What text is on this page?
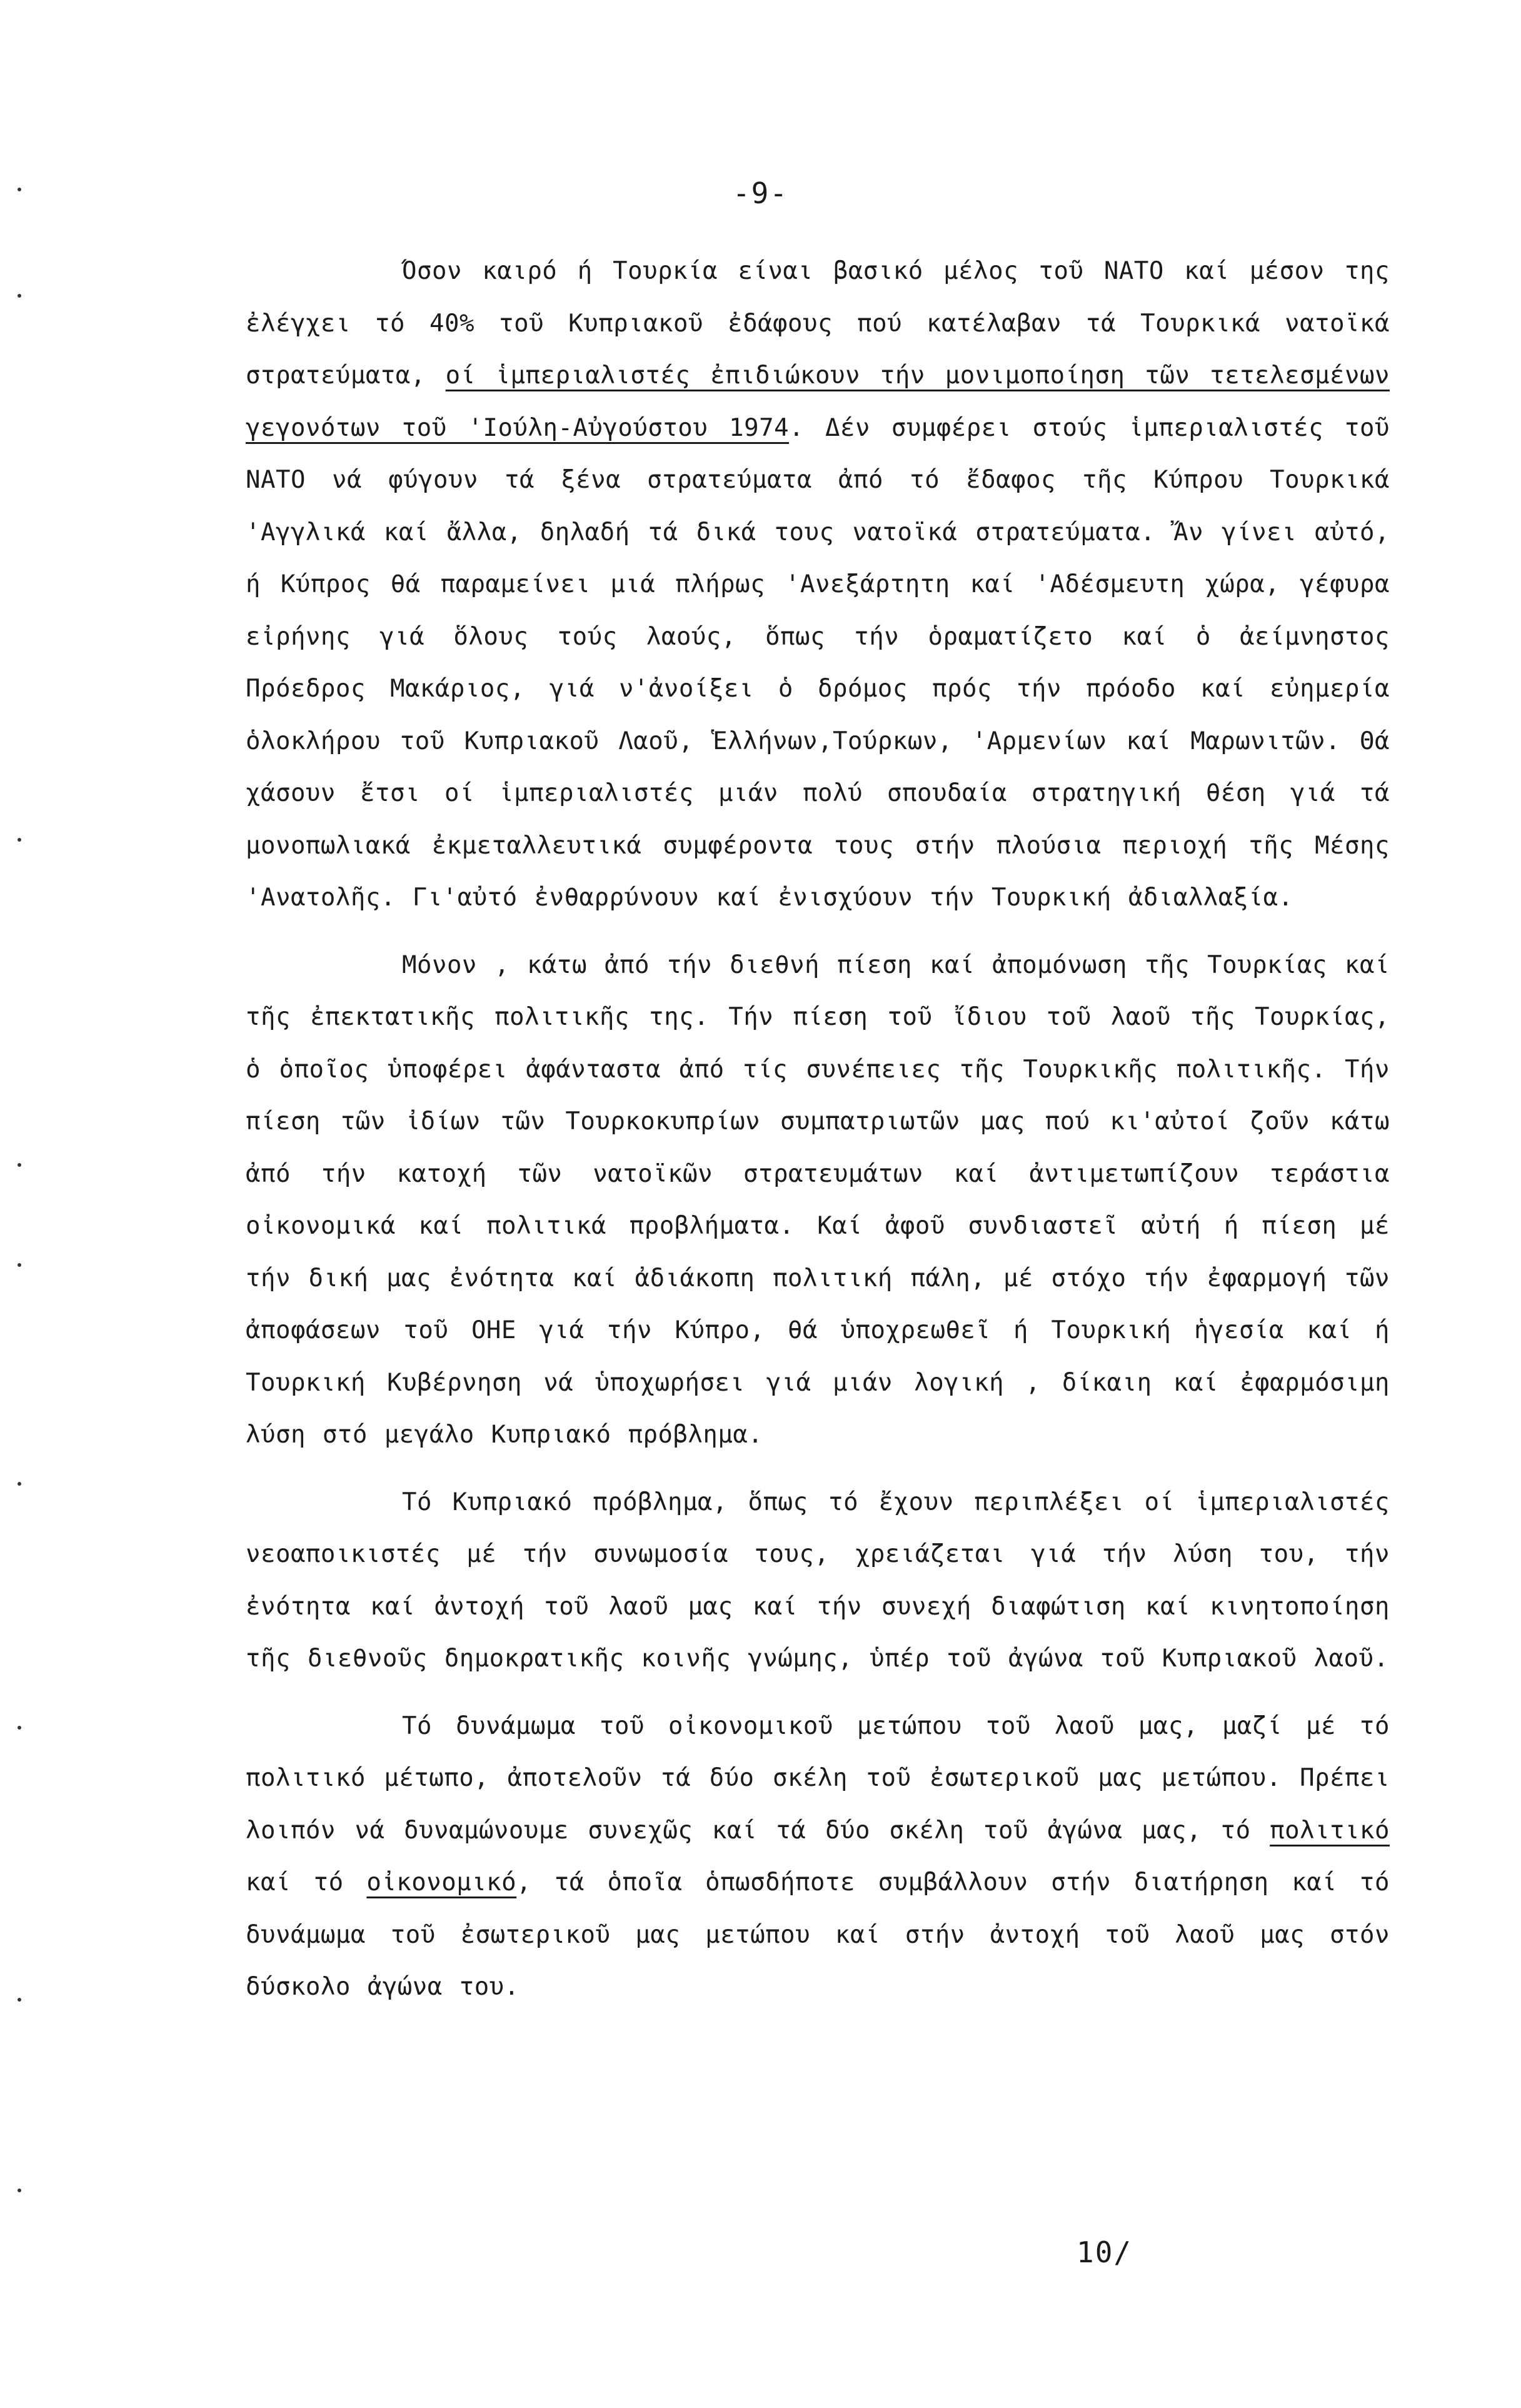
-9-

Όσον καιρό ή Τουρκία είναι βασικό μέλος τοῦ ΝΑΤΟ καί μέσον της ἐλέγχει τό 40% τοῦ Κυπριακοῦ ἐδάφους πού κατέλαβαν τά Τουρκικά νατοϊκά στρατεύματα, οί ἱμπεριαλιστές ἐπιδιώκουν τήν μονιμοποίηση τῶν τετελεσμένων γεγονότων τοῦ 'Ιούλη-Αὐγούστου 1974. Δέν συμφέρει στούς ἱμπεριαλιστές τοῦ ΝΑΤΟ νά φύγουν τά ξένα στρατεύματα ἀπό τό ἔδαφος τῆς Κύπρου Τουρκικά 'Αγγλικά καί ἄλλα, δηλαδή τά δικά τους νατοϊκά στρατεύματα. Ἄν γίνει αὐτό, ή Κύπρος θά παραμείνει μιά πλήρως 'Ανεξάρτητη καί 'Αδέσμευτη χώρα, γέφυρα εἰρήνης γιά ὅλους τούς λαούς, ὅπως τήν ὁραματίζετο καί ὁ ἀείμνηστος Πρόεδρος Μακάριος, γιά ν'ἀνοίξει ὁ δρόμος πρός τήν πρόοδο καί εὐημερία ὁλοκλήρου τοῦ Κυπριακοῦ Λαοῦ, Ἑλλήνων,Τούρκων, 'Αρμενίων καί Μαρωνιτῶν. Θά χάσουν ἔτσι οί ἱμπεριαλιστές μιάν πολύ σπουδαία στρατηγική θέση γιά τά μονοπωλιακά ἐκμεταλλευτικά συμφέροντα τους στήν πλούσια περιοχή τῆς Μέσης 'Ανατολῆς. Γι'αὐτό ἐνθαρρύνουν καί ἐνισχύουν τήν Τουρκική ἀδιαλλαξία.

Μόνον , κάτω ἀπό τήν διεθνή πίεση καί ἀπομόνωση τῆς Τουρκίας καί τῆς ἐπεκτατικῆς πολιτικῆς της. Τήν πίεση τοῦ ἴδιου τοῦ λαοῦ τῆς Τουρκίας, ὁ ὁποῖος ὑποφέρει ἀφάνταστα ἀπό τίς συνέπειες τῆς Τουρκικῆς πολιτικῆς. Τήν πίεση τῶν ἰδίων τῶν Τουρκοκυπρίων συμπατριωτῶν μας πού κι'αὐτοί ζοῦν κάτω ἀπό τήν κατοχή τῶν νατοϊκῶν στρατευμάτων καί ἀντιμετωπίζουν τεράστια οἰκονομικά καί πολιτικά προβλήματα. Καί ἀφοῦ συνδιαστεῖ αὐτή ή πίεση μέ τήν δική μας ἐνότητα καί ἀδιάκοπη πολιτική πάλη, μέ στόχο τήν ἐφαρμογή τῶν ἀποφάσεων τοῦ ΟΗΕ γιά τήν Κύπρο, θά ὑποχρεωθεῖ ή Τουρκική ἡγεσία καί ή Τουρκική Κυβέρνηση νά ὑποχωρήσει γιά μιάν λογική , δίκαιη καί ἐφαρμόσιμη λύση στό μεγάλο Κυπριακό πρόβλημα.

Τό Κυπριακό πρόβλημα, ὅπως τό ἔχουν περιπλέξει οί ἱμπεριαλιστές νεοαποικιστές μέ τήν συνωμοσία τους, χρειάζεται γιά τήν λύση του, τήν ἐνότητα καί ἀντοχή τοῦ λαοῦ μας καί τήν συνεχή διαφώτιση καί κινητοποίηση τῆς διεθνοῦς δημοκρατικῆς κοινῆς γνώμης, ὑπέρ τοῦ ἀγώνα τοῦ Κυπριακοῦ λαοῦ.

Τό δυνάμωμα τοῦ οἰκονομικοῦ μετώπου τοῦ λαοῦ μας, μαζί μέ τό πολιτικό μέτωπο, ἀποτελοῦν τά δύο σκέλη τοῦ ἐσωτερικοῦ μας μετώπου. Πρέπει λοιπόν νά δυναμώνουμε συνεχῶς καί τά δύο σκέλη τοῦ ἀγώνα μας, τό πολιτικό καί τό οἰκονομικό, τά ὁποῖα ὁπωσδήποτε συμβάλλουν στήν διατήρηση καί τό δυνάμωμα τοῦ ἐσωτερικοῦ μας μετώπου καί στήν ἀντοχή τοῦ λαοῦ μας στόν δύσκολο ἀγώνα του.

10/
